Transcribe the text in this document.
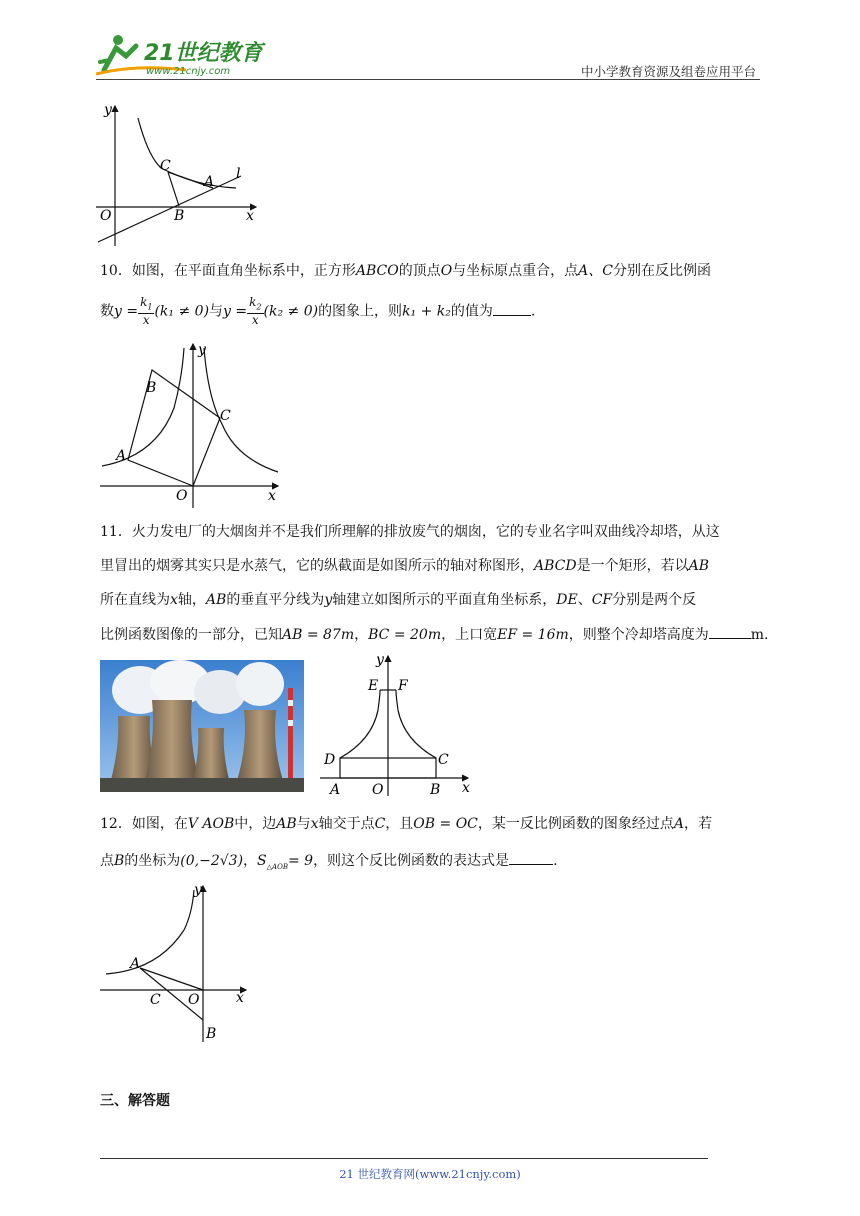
21世纪教育
www.21cnjy.com	中小学教育资源及组卷应用平台
y
x
O	B
C
A l
10．如图，在平面直角坐标系中，正方形ABCO的顶点O与坐标原点重合，点A、C分别在反比例函
数$y = \frac{k_1}{x} (k_1 \ne 0)$与$y = \frac{k_2}{x} (k_2 \ne 0)$的图象上，则k₁ + k₂的值为	.
y
x
O
A
B
C
11．火力发电厂的大烟囱并不是我们所理解的排放废气的烟囱，它的专业名字叫双曲线冷却塔，从这
里冒出的烟雾其实只是水蒸气，它的纵截面是如图所示的轴对称图形，ABCD是一个矩形，若以AB
所在直线为x轴，AB的垂直平分线为y轴建立如图所示的平面直角坐标系，DE、CF分别是两个反
比例函数图像的一部分，已知AB = 87m，BC = 20m，上口宽EF = 16m，则整个冷却塔高度为	m.
y
x
O
A	B
C
D
E F
12．如图，在V AOB中，边AB与x轴交于点C，且OB = OC，某一反比例函数的图象经过点A，若
点B的坐标为(0,−2√3)，$S_{\triangle AOB}= 9$，则这个反比例函数的表达式是	.
y
x
O
A
B
C
三、解答题
21 世纪教育网(www.21cnjy.com)
